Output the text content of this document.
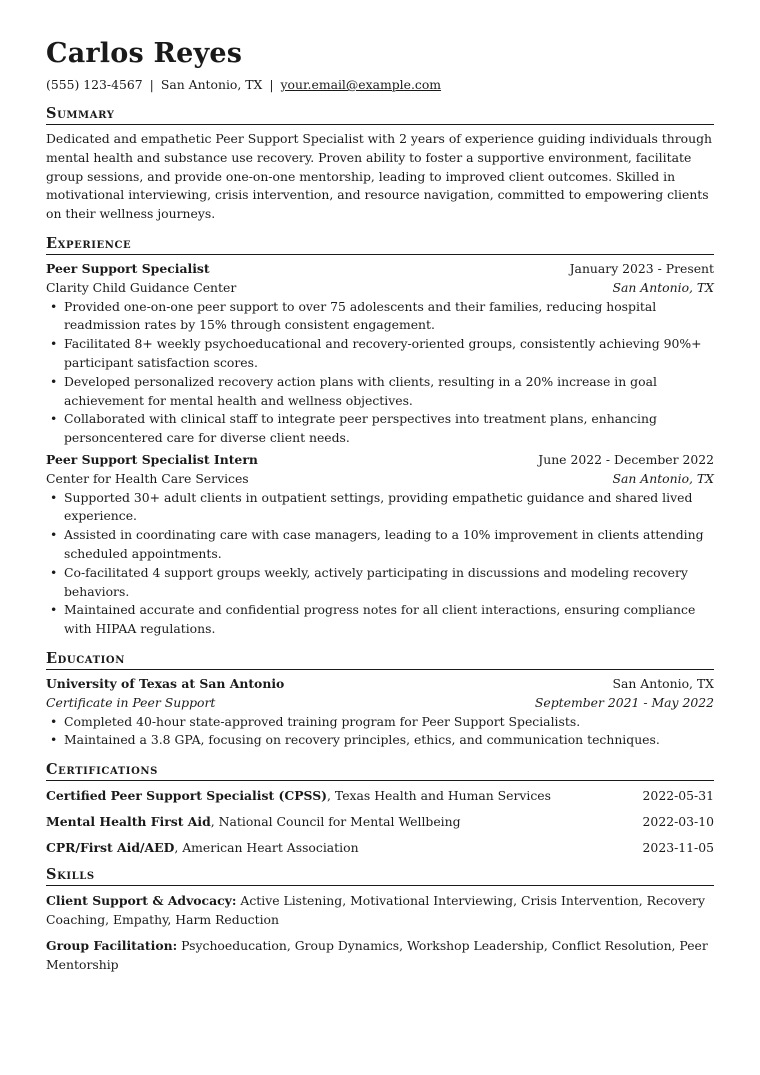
Carlos Reyes
(555) 123-4567 | San Antonio, TX | your.email@example.com
Summary

Dedicated and empathetic Peer Support Specialist with 2 years of experience guiding individuals through mental health and substance use recovery. Proven ability to foster a supportive environment, facilitate group sessions, and provide one-on-one mentorship, leading to improved client outcomes. Skilled in motivational interviewing, crisis intervention, and resource navigation, committed to empowering clients on their wellness journeys.

Experience
Peer Support Specialist	January 2023 - Present
Clarity Child Guidance Center	San Antonio, TX
• Provided one-on-one peer support to over 75 adolescents and their families, reducing hospital readmission rates by 15% through consistent engagement.
• Facilitated 8+ weekly psychoeducational and recovery-oriented groups, consistently achieving 90%+ participant satisfaction scores.
• Developed personalized recovery action plans with clients, resulting in a 20% increase in goal achievement for mental health and wellness objectives.
• Collaborated with clinical staff to integrate peer perspectives into treatment plans, enhancing personcentered care for diverse client needs.
Peer Support Specialist Intern	June 2022 - December 2022
Center for Health Care Services	San Antonio, TX
• Supported 30+ adult clients in outpatient settings, providing empathetic guidance and shared lived experience.
• Assisted in coordinating care with case managers, leading to a 10% improvement in clients attending scheduled appointments.
• Co-facilitated 4 support groups weekly, actively participating in discussions and modeling recovery behaviors.
• Maintained accurate and confidential progress notes for all client interactions, ensuring compliance with HIPAA regulations.
Education
University of Texas at San Antonio	San Antonio, TX
Certificate in Peer Support	September 2021 - May 2022
• Completed 40-hour state-approved training program for Peer Support Specialists.
• Maintained a 3.8 GPA, focusing on recovery principles, ethics, and communication techniques.
Certifications
Certified Peer Support Specialist (CPSS), Texas Health and Human Services	2022-05-31
Mental Health First Aid, National Council for Mental Wellbeing	2022-03-10
CPR/First Aid/AED, American Heart Association	2023-11-05
Skills
Client Support & Advocacy: Active Listening, Motivational Interviewing, Crisis Intervention, Recovery Coaching, Empathy, Harm Reduction
Group Facilitation: Psychoeducation, Group Dynamics, Workshop Leadership, Conflict Resolution, Peer Mentorship
